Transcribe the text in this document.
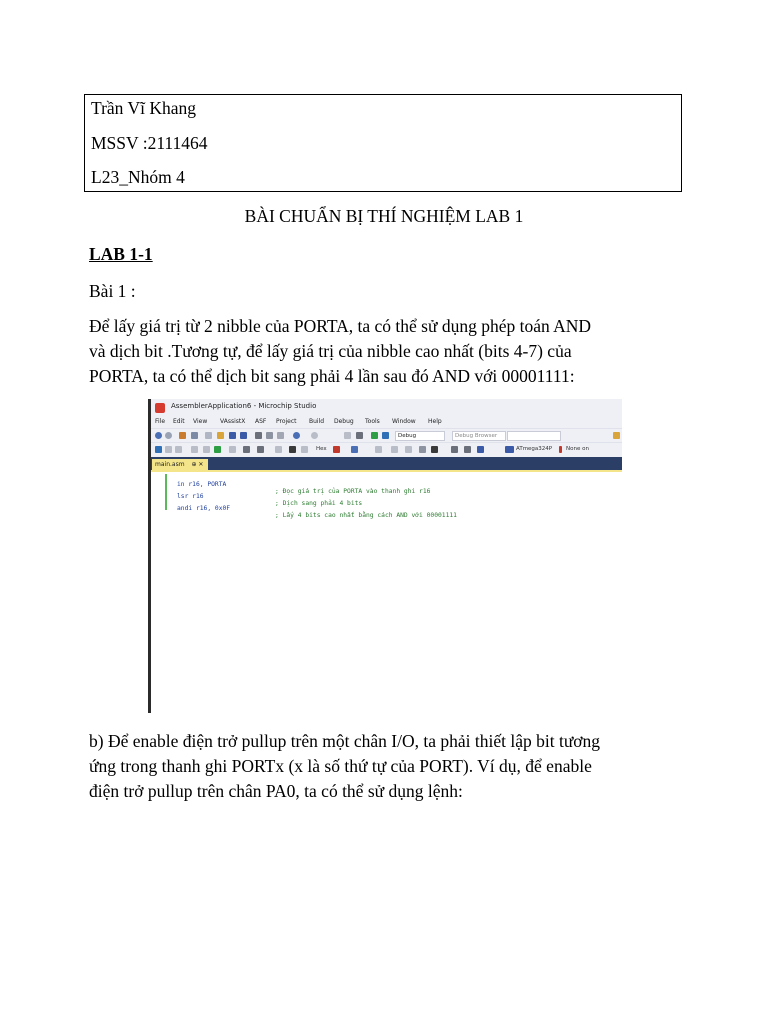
Trần Vĩ Khang
MSSV :2111464
L23_Nhóm 4
BÀI CHUẨN BỊ THÍ NGHIỆM LAB 1
LAB 1-1
Bài 1 :
Để lấy giá trị từ 2 nibble của PORTA, ta có thể sử dụng phép toán AND
và dịch bit .Tương tự, để lấy giá trị của nibble cao nhất (bits 4-7) của
PORTA, ta có thể dịch bit sang phải 4 lần sau đó AND với 00001111:
AssemblerApplication6 - Microchip Studio
File Edit View VAssistX ASF Project Build Debug Tools Window Help
Debug	Debug Browser
Hex	ATmega324P	None on
main.asm ⊕ ✕

in r16, PORTA

; Đọc giá trị của PORTA vào thanh ghi r16

lsr r16

; Dịch sang phải 4 bits

andi r16, 0x0F

; Lấy 4 bits cao nhất bằng cách AND với 00001111

b) Để enable điện trở pullup trên một chân I/O, ta phải thiết lập bit tương
ứng trong thanh ghi PORTx (x là số thứ tự của PORT). Ví dụ, để enable
điện trở pullup trên chân PA0, ta có thể sử dụng lệnh:
